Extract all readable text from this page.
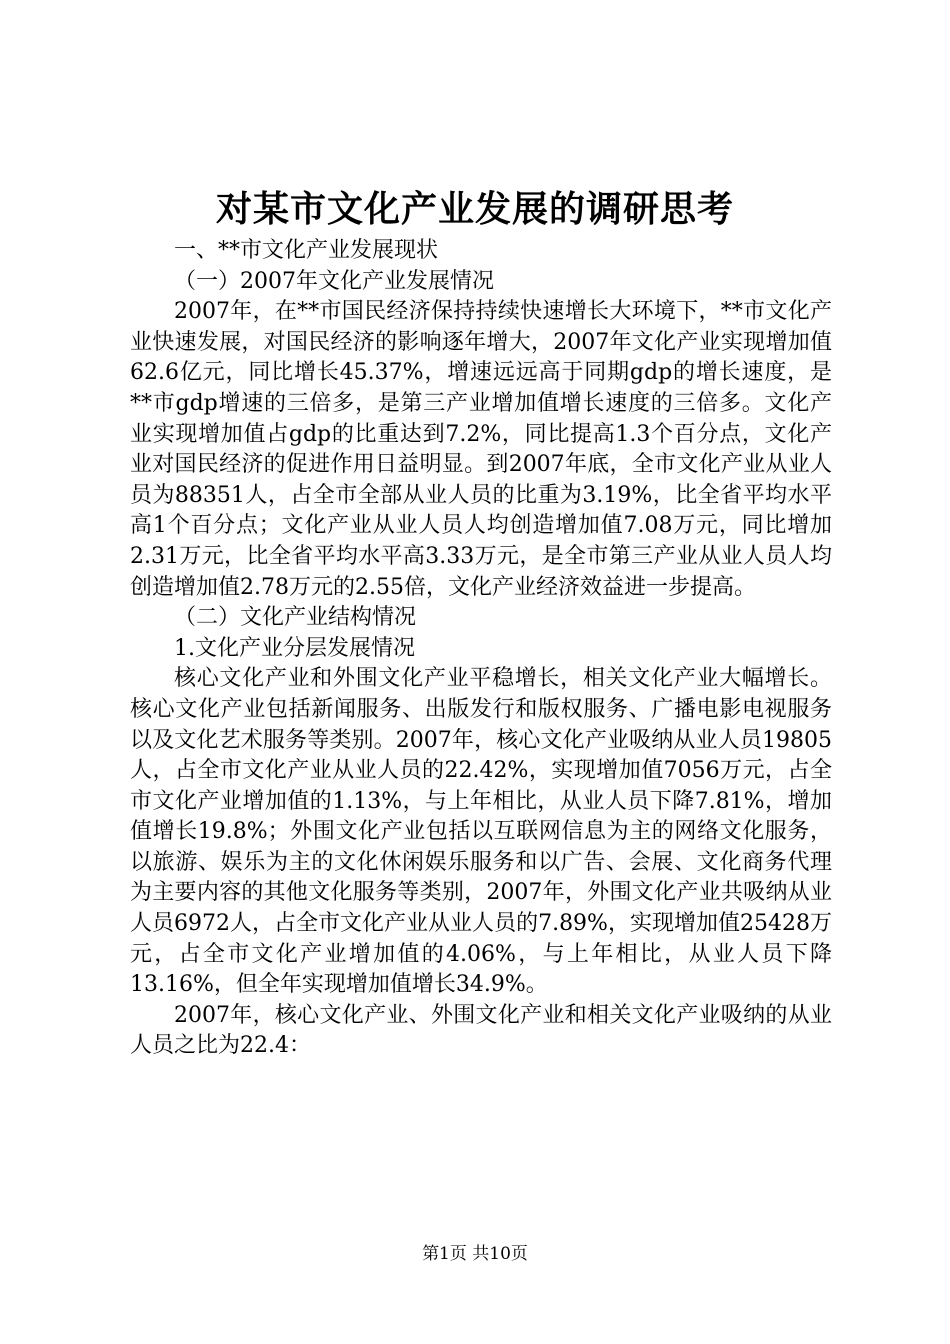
对某市文化产业发展的调研思考

一、**市文化产业发展现状

（一）2007年文化产业发展情况

2007年，在**市国民经济保持持续快速增长大环境下，**市文化产业快速发展，对国民经济的影响逐年增大，2007年文化产业实现增加值62.6亿元，同比增长45.37%，增速远远高于同期gdp的增长速度，是**市gdp增速的三倍多，是第三产业增加值增长速度的三倍多。文化产业实现增加值占gdp的比重达到7.2%，同比提高1.3个百分点，文化产业对国民经济的促进作用日益明显。到2007年底，全市文化产业从业人员为88351人，占全市全部从业人员的比重为3.19%，比全省平均水平高1个百分点；文化产业从业人员人均创造增加值7.08万元，同比增加2.31万元，比全省平均水平高3.33万元，是全市第三产业从业人员人均创造增加值2.78万元的2.55倍，文化产业经济效益进一步提高。

（二）文化产业结构情况

1.文化产业分层发展情况

核心文化产业和外围文化产业平稳增长，相关文化产业大幅增长。核心文化产业包括新闻服务、出版发行和版权服务、广播电影电视服务以及文化艺术服务等类别。2007年，核心文化产业吸纳从业人员19805人，占全市文化产业从业人员的22.42%，实现增加值7056万元，占全市文化产业增加值的1.13%，与上年相比，从业人员下降7.81%，增加值增长19.8%；外围文化产业包括以互联网信息为主的网络文化服务，以旅游、娱乐为主的文化休闲娱乐服务和以广告、会展、文化商务代理为主要内容的其他文化服务等类别，2007年，外围文化产业共吸纳从业人员6972人，占全市文化产业从业人员的7.89%，实现增加值25428万元，占全市文化产业增加值的4.06%，与上年相比，从业人员下降13.16%，但全年实现增加值增长34.9%。

2007年，核心文化产业、外围文化产业和相关文化产业吸纳的从业人员之比为22.4：

第1页 共10页
